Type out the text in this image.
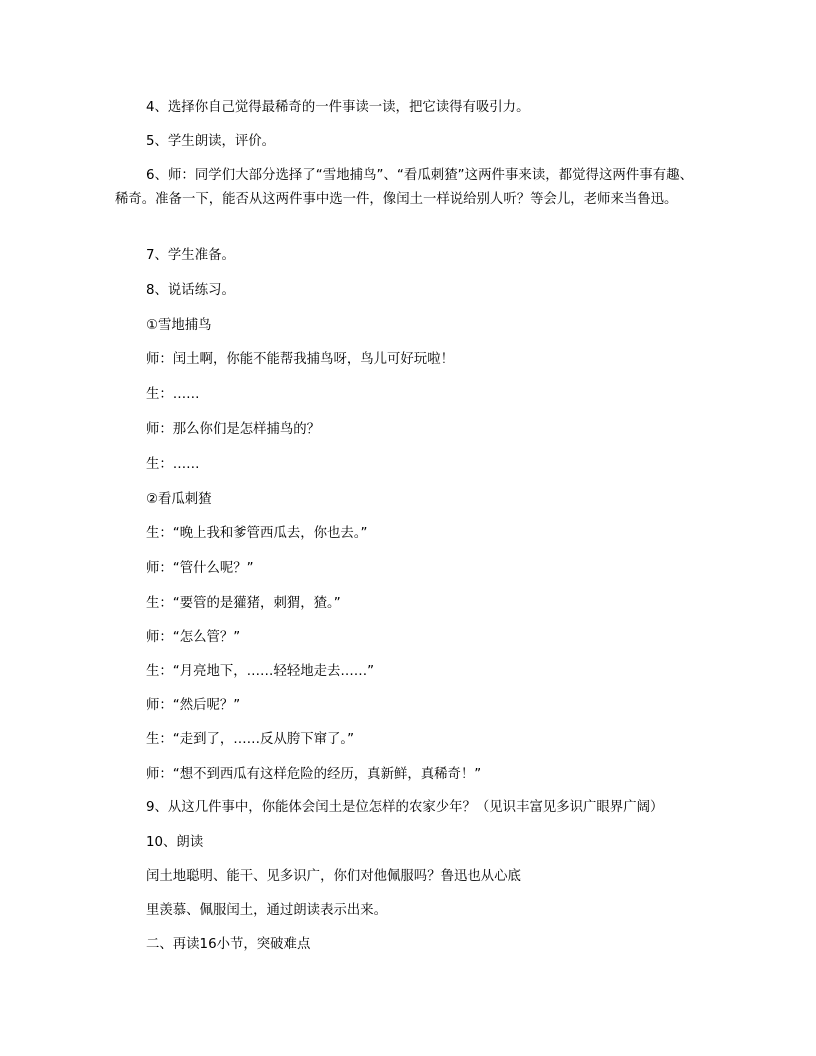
4、选择你自己觉得最稀奇的一件事读一读，把它读得有吸引力。

5、学生朗读，评价。

6、师：同学们大部分选择了“雪地捕鸟”、“看瓜刺猹”这两件事来读，都觉得这两件事有趣、稀奇。准备一下，能否从这两件事中选一件，像闰土一样说给别人听？等会儿，老师来当鲁迅。

7、学生准备。

8、说话练习。

①雪地捕鸟

师：闰土啊，你能不能帮我捕鸟呀，鸟儿可好玩啦！

生：……

师：那么你们是怎样捕鸟的？

生：……

②看瓜刺猹

生：“晚上我和爹管西瓜去，你也去。”

师：“管什么呢？”

生：“要管的是獾猪，刺猬，猹。”

师：“怎么管？”

生：“月亮地下，……轻轻地走去……”

师：“然后呢？”

生：“走到了，……反从胯下窜了。”

师：“想不到西瓜有这样危险的经历，真新鲜，真稀奇！”

9、从这几件事中，你能体会闰土是位怎样的农家少年？（见识丰富见多识广眼界广阔）

10、朗读

闰土地聪明、能干、见多识广，你们对他佩服吗？鲁迅也从心底

里羡慕、佩服闰土，通过朗读表示出来。

二、再读16小节，突破难点
